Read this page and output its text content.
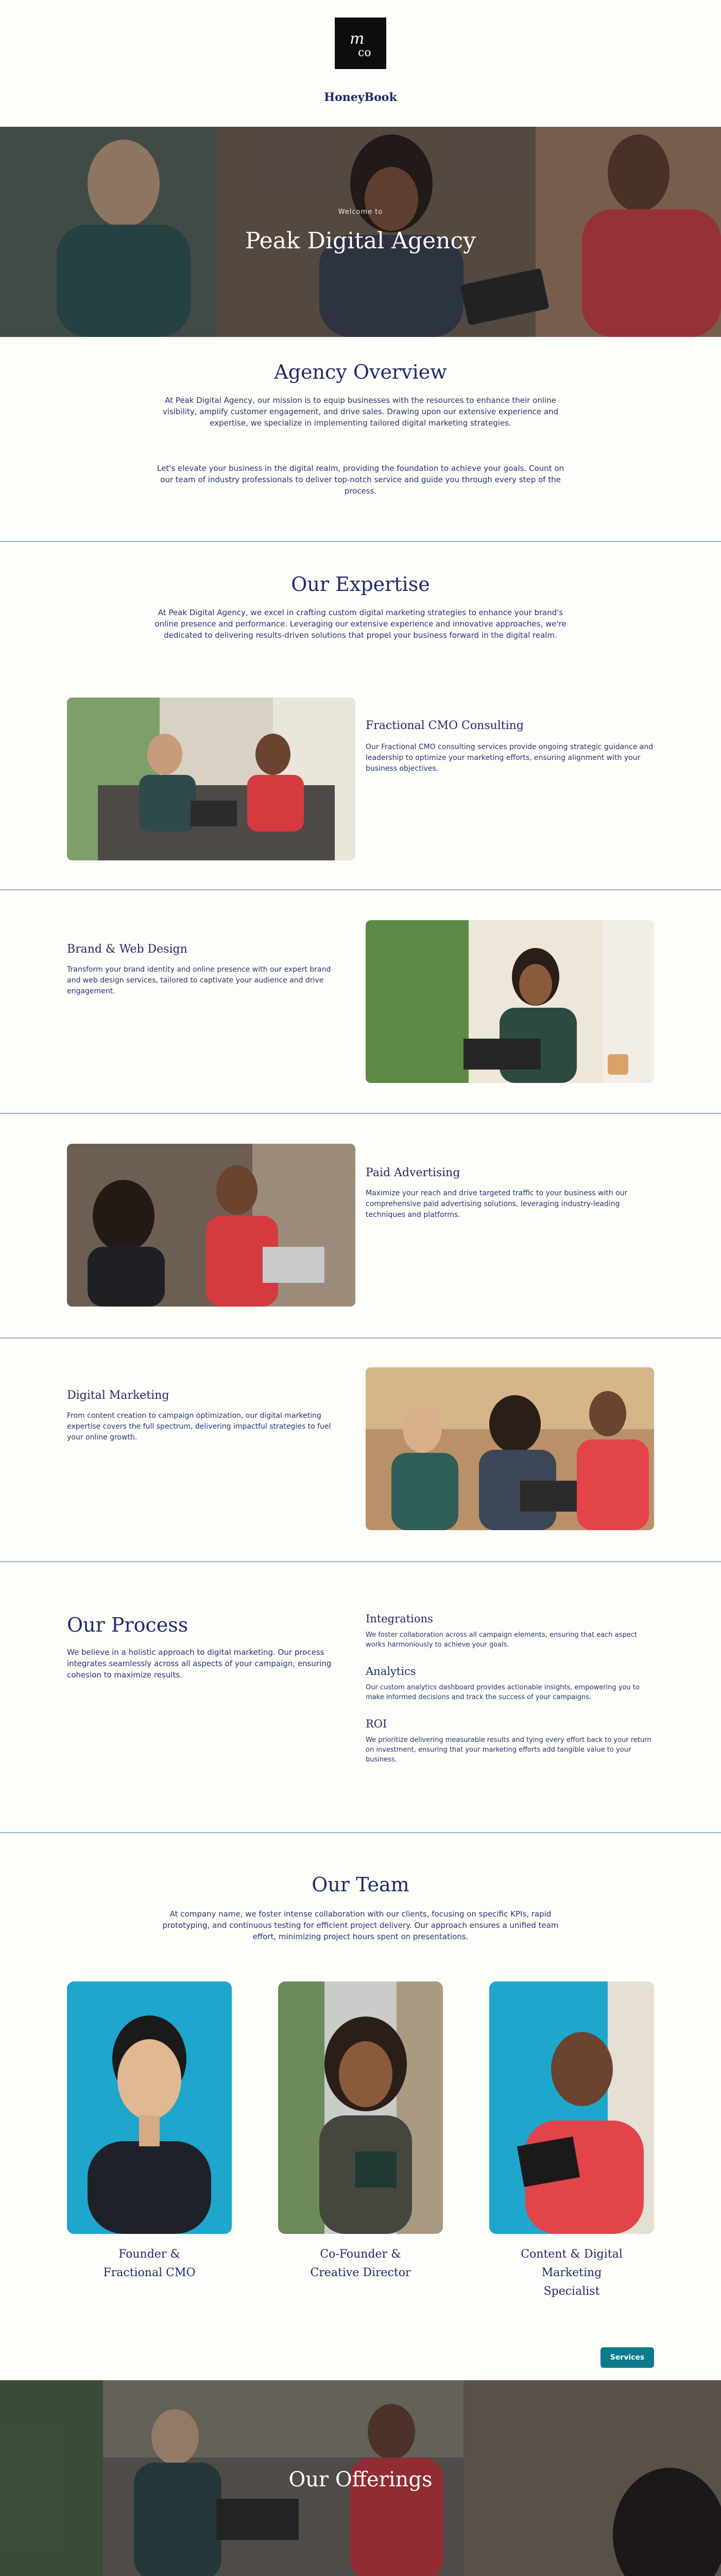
m
co
HoneyBook
Welcome to
Peak Digital Agency
Agency Overview
At Peak Digital Agency, our mission is to equip businesses with the resources to enhance their online visibility, amplify customer engagement, and drive sales. Drawing upon our extensive experience and expertise, we specialize in implementing tailored digital marketing strategies.
Let's elevate your business in the digital realm, providing the foundation to achieve your goals. Count on our team of industry professionals to deliver top-notch service and guide you through every step of the process.
Our Expertise
At Peak Digital Agency, we excel in crafting custom digital marketing strategies to enhance your brand's online presence and performance. Leveraging our extensive experience and innovative approaches, we're dedicated to delivering results-driven solutions that propel your business forward in the digital realm.
Fractional CMO Consulting
Our Fractional CMO consulting services provide ongoing strategic guidance and leadership to optimize your marketing efforts, ensuring alignment with your business objectives.
Brand & Web Design
Transform your brand identity and online presence with our expert brand and web design services, tailored to captivate your audience and drive engagement.
Paid Advertising
Maximize your reach and drive targeted traffic to your business with our comprehensive paid advertising solutions, leveraging industry-leading techniques and platforms.
Digital Marketing
From content creation to campaign optimization, our digital marketing expertise covers the full spectrum, delivering impactful strategies to fuel your online growth.
Our Process
We believe in a holistic approach to digital marketing. Our process integrates seamlessly across all aspects of your campaign, ensuring cohesion to maximize results.
Integrations
We foster collaboration across all campaign elements, ensuring that each aspect works harmoniously to achieve your goals.
Analytics
Our custom analytics dashboard provides actionable insights, empowering you to make informed decisions and track the success of your campaigns.
ROI
We prioritize delivering measurable results and tying every effort back to your return on investment, ensuring that your marketing efforts add tangible value to your business.
Our Team
At company name, we foster intense collaboration with our clients, focusing on specific KPIs, rapid prototyping, and continuous testing for efficient project delivery. Our approach ensures a unified team effort, minimizing project hours spent on presentations.
Founder &
Fractional CMO
Co-Founder &
Creative Director
Content & Digital Marketing
Specialist
Services
Our Offerings
